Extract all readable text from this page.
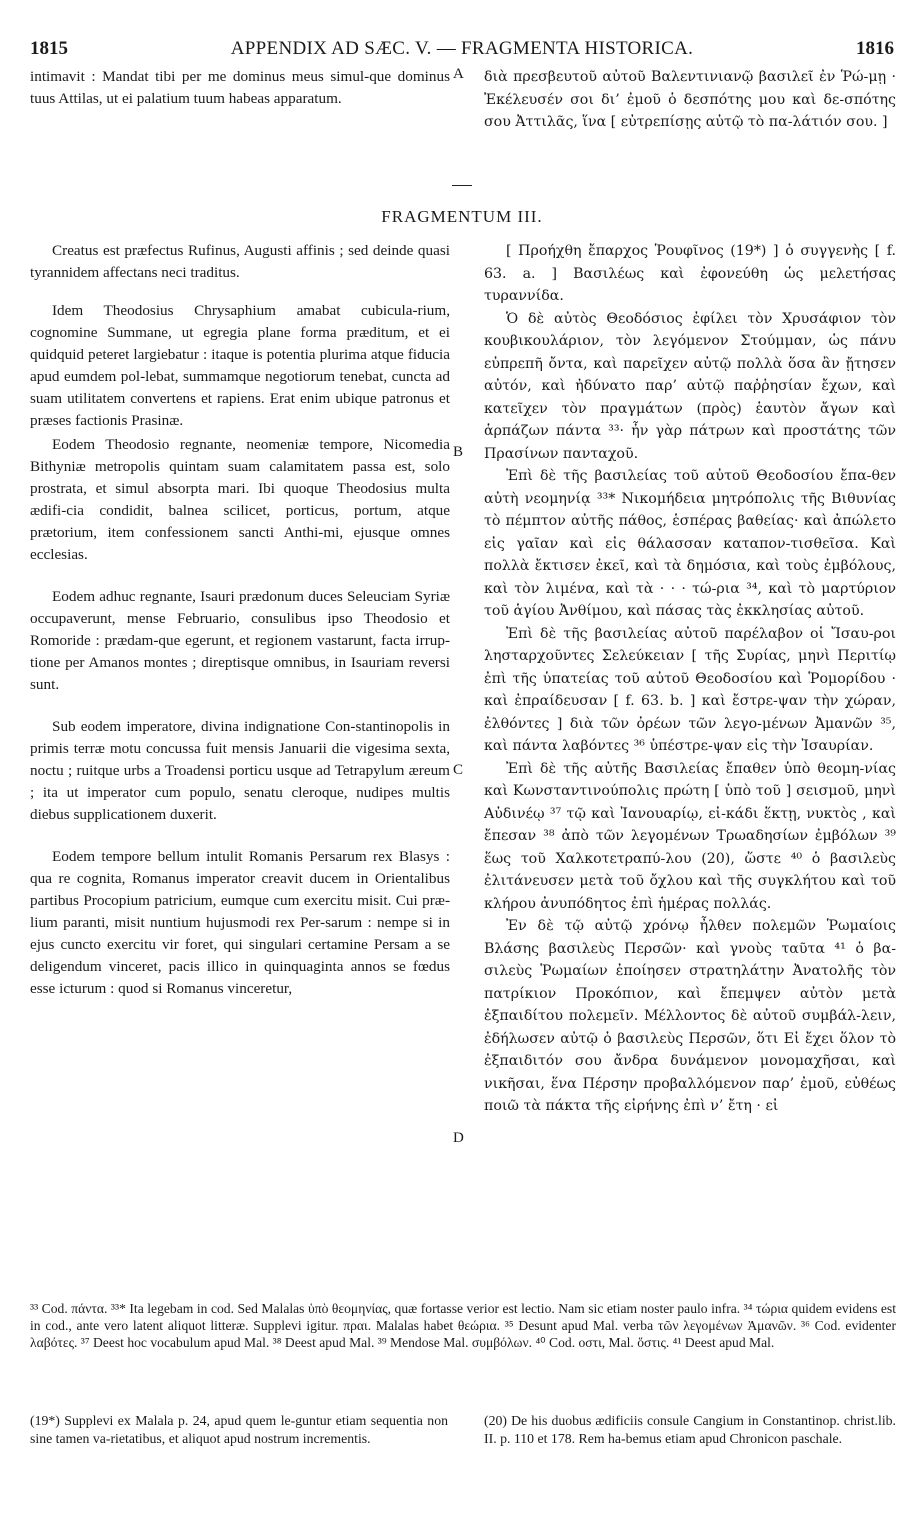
1815	APPENDIX AD SÆC. V. — FRAGMENTA HISTORICA.	1816

intimavit : Mandat tibi per me dominus meus simul-que dominus tuus Attilas, ut ei palatium tuum habeas apparatum.

A διὰ πρεσβευτοῦ αὐτοῦ Βαλεντινιανῷ βασιλεῖ ἐν Ῥώ-μῃ · Ἐκέλευσέν σοι δι’ ἐμοῦ ὁ δεσπότης μου καὶ δε-σπότης σου Ἀττιλᾶς, ἵνα [ εὐτρεπίσῃς αὐτῷ τὸ πα-λάτιόν σου. ]

FRAGMENTUM III.

Creatus est præfectus Rufinus, Augusti affinis ; sed deinde quasi tyrannidem affectans neci traditus.

Idem Theodosius Chrysaphium amabat cubicula-rium, cognomine Summane, ut egregia plane forma præditum, et ei quidquid peteret largiebatur : itaque is potentia plurima atque fiducia apud eumdem pol-lebat, summamque negotiorum tenebat, cuncta ad suam utilitatem convertens et rapiens. Erat enim ubique patronus et præses factionis Prasinæ.

Eodem Theodosio regnante, neomeniæ tempore, Nicomedia Bithyniæ metropolis quintam suam calamitatem passa est, solo prostrata, et simul absorpta mari. Ibi quoque Theodosius multa ædifi-cia condidit, balnea scilicet, porticus, portum, atque prætorium, item confessionem sancti Anthi-mi, ejusque omnes ecclesias.

Eodem adhuc regnante, Isauri prædonum duces Seleuciam Syriæ occupaverunt, mense Februario, consulibus ipso Theodosio et Romoride : prædam-que egerunt, et regionem vastarunt, facta irrup-tione per Amanos montes ; direptisque omnibus, in Isauriam reversi sunt.

Sub eodem imperatore, divina indignatione Con-stantinopolis in primis terræ motu concussa fuit mensis Januarii die vigesima sexta, noctu ; ruitque urbs a Troadensi porticu usque ad Tetrapylum æreum ; ita ut imperator cum populo, senatu cleroque, nudipes multis diebus supplicationem duxerit.

Eodem tempore bellum intulit Romanis Persarum rex Blasys : qua re cognita, Romanus imperator creavit ducem in Orientalibus partibus Procopium patricium, eumque cum exercitu misit. Cui præ-lium paranti, misit nuntium hujusmodi rex Per-sarum : nempe si in ejus cuncto exercitu vir foret, qui singulari certamine Persam a se deligendum vinceret, pacis illico in quinquaginta annos se fœdus esse icturum : quod si Romanus vinceretur,

B
C
D

[ Προήχθη ἔπαρχος Ῥουφῖνος (19*) ] ὁ συγγενὴς [ f. 63. a. ] Βασιλέως καὶ ἐφονεύθη ὡς μελετήσας τυραννίδα.

Ὁ δὲ αὐτὸς Θεοδόσιος ἐφίλει τὸν Χρυσάφιον τὸν κουβικουλάριον, τὸν λεγόμενον Στούμμαν, ὡς πάνυ εὐπρεπῆ ὄντα, καὶ παρεῖχεν αὐτῷ πολλὰ ὅσα ἂν ᾔτησεν αὐτόν, καὶ ἠδύνατο παρ’ αὐτῷ παῤῥησίαν ἔχων, καὶ κατεῖχεν τὸν πραγμάτων (πρὸς) ἑαυτὸν ἄγων καὶ ἁρπάζων πάντα ³³· ἦν γὰρ πάτρων καὶ προστάτης τῶν Πρασίνων πανταχοῦ.

Ἐπὶ δὲ τῆς βασιλείας τοῦ αὐτοῦ Θεοδοσίου ἔπα-θεν αὐτὴ νεομηνίᾳ ³³* Νικομήδεια μητρόπολις τῆς Βιθυνίας τὸ πέμπτον αὐτῆς πάθος, ἑσπέρας βαθείας· καὶ ἀπώλετο εἰς γαῖαν καὶ εἰς θάλασσαν καταπον-τισθεῖσα. Καὶ πολλὰ ἔκτισεν ἐκεῖ, καὶ τὰ δημόσια, καὶ τοὺς ἐμβόλους, καὶ τὸν λιμένα, καὶ τὰ · · · τώ-ρια ³⁴, καὶ τὸ μαρτύριον τοῦ ἁγίου Ἀνθίμου, καὶ πάσας τὰς ἐκκλησίας αὐτοῦ.

Ἐπὶ δὲ τῆς βασιλείας αὐτοῦ παρέλαβον οἱ Ἴσαυ-ροι λησταρχοῦντες Σελεύκειαν [ τῆς Συρίας, μηνὶ Περιτίῳ ἐπὶ τῆς ὑπατείας τοῦ αὐτοῦ Θεοδοσίου καὶ Ῥομορίδου · καὶ ἐπραίδευσαν [ f. 63. b. ] καὶ ἔστρε-ψαν τὴν χώραν, ἐλθόντες ] διὰ τῶν ὀρέων τῶν λεγο-μένων Ἀμανῶν ³⁵, καὶ πάντα λαβόντες ³⁶ ὑπέστρε-ψαν εἰς τὴν Ἰσαυρίαν.

Ἐπὶ δὲ τῆς αὐτῆς Βασιλείας ἔπαθεν ὑπὸ θεομη-νίας καὶ Κωνσταντινούπολις πρώτη [ ὑπὸ τοῦ ] σεισμοῦ, μηνὶ Αὐδινέῳ ³⁷ τῷ καὶ Ἰανουαρίῳ, εἰ-κάδι ἕκτῃ, νυκτὸς , καὶ ἔπεσαν ³⁸ ἀπὸ τῶν λεγομένων Τρωαδησίων ἐμβόλων ³⁹ ἕως τοῦ Χαλκοτετραπύ-λου (20), ὥστε ⁴⁰ ὁ βασιλεὺς ἐλιτάνευσεν μετὰ τοῦ ὄχλου καὶ τῆς συγκλήτου καὶ τοῦ κλήρου ἀνυπόδητος ἐπὶ ἡμέρας πολλάς.

Ἐν δὲ τῷ αὐτῷ χρόνῳ ἦλθεν πολεμῶν Ῥωμαίοις Βλάσης βασιλεὺς Περσῶν· καὶ γνοὺς ταῦτα ⁴¹ ὁ βα-σιλεὺς Ῥωμαίων ἐποίησεν στρατηλάτην Ἀνατολῆς τὸν πατρίκιον Προκόπιον, καὶ ἔπεμψεν αὐτὸν μετὰ ἐξπαιδίτου πολεμεῖν. Μέλλοντος δὲ αὐτοῦ συμβάλ-λειν, ἐδήλωσεν αὐτῷ ὁ βασιλεὺς Περσῶν, ὅτι Εἰ ἔχει ὅλον τὸ ἐξπαιδιτόν σου ἄνδρα δυνάμενον μονομαχῆσαι, καὶ νικῆσαι, ἕνα Πέρσην προβαλλόμενον παρ’ ἐμοῦ, εὐθέως ποιῶ τὰ πάκτα τῆς εἰρήνης ἐπὶ ν’ ἔτη · εἰ

³³ Cod. πάντα. ³³* Ita legebam in cod. Sed Malalas ὑπὸ θεομηνίας, quæ fortasse verior est lectio. Nam sic etiam noster paulo infra. ³⁴ τώρια quidem evidens est in cod., ante vero latent aliquot litteræ. Supplevi igitur. πραι. Malalas habet θεώρια. ³⁵ Desunt apud Mal. verba τῶν λεγομένων Ἀμανῶν. ³⁶ Cod. evidenter λαβότες. ³⁷ Deest hoc vocabulum apud Mal. ³⁸ Deest apud Mal. ³⁹ Mendose Mal. συμβόλων. ⁴⁰ Cod. οστι, Mal. ὅστις. ⁴¹ Deest apud Mal.
(19*) Supplevi ex Malala p. 24, apud quem le-guntur etiam sequentia non sine tamen va-rietatibus, et aliquot apud nostrum incrementis.
(20) De his duobus ædificiis consule Cangium in Constantinop. christ.lib. II. p. 110 et 178. Rem ha-bemus etiam apud Chronicon paschale.
